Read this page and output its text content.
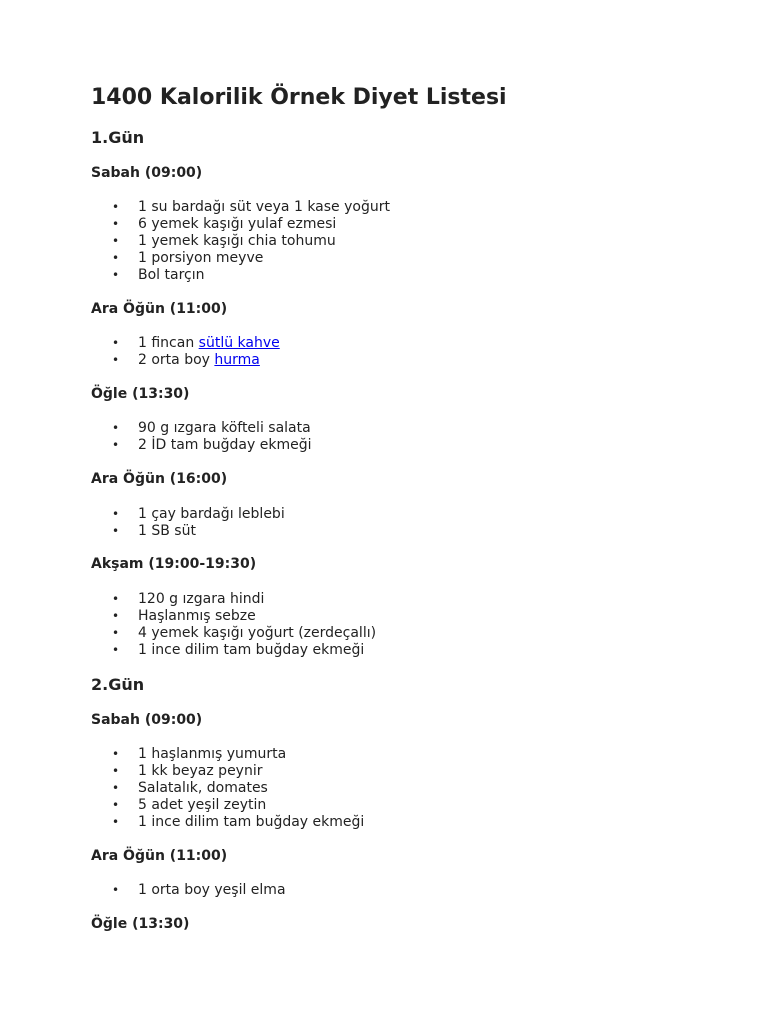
1400 Kalorilik Örnek Diyet Listesi
1.Gün
Sabah (09:00)
• 1 su bardağı süt veya 1 kase yoğurt
• 6 yemek kaşığı yulaf ezmesi
• 1 yemek kaşığı chia tohumu
• 1 porsiyon meyve
• Bol tarçın
Ara Öğün (11:00)
• 1 fincan sütlü kahve
• 2 orta boy hurma
Öğle (13:30)
• 90 g ızgara köfteli salata
• 2 İD tam buğday ekmeği
Ara Öğün (16:00)
• 1 çay bardağı leblebi
• 1 SB süt
Akşam (19:00-19:30)
• 120 g ızgara hindi
• Haşlanmış sebze
• 4 yemek kaşığı yoğurt (zerdeçallı)
• 1 ince dilim tam buğday ekmeği
2.Gün
Sabah (09:00)
• 1 haşlanmış yumurta
• 1 kk beyaz peynir
• Salatalık, domates
• 5 adet yeşil zeytin
• 1 ince dilim tam buğday ekmeği
Ara Öğün (11:00)
• 1 orta boy yeşil elma
Öğle (13:30)
